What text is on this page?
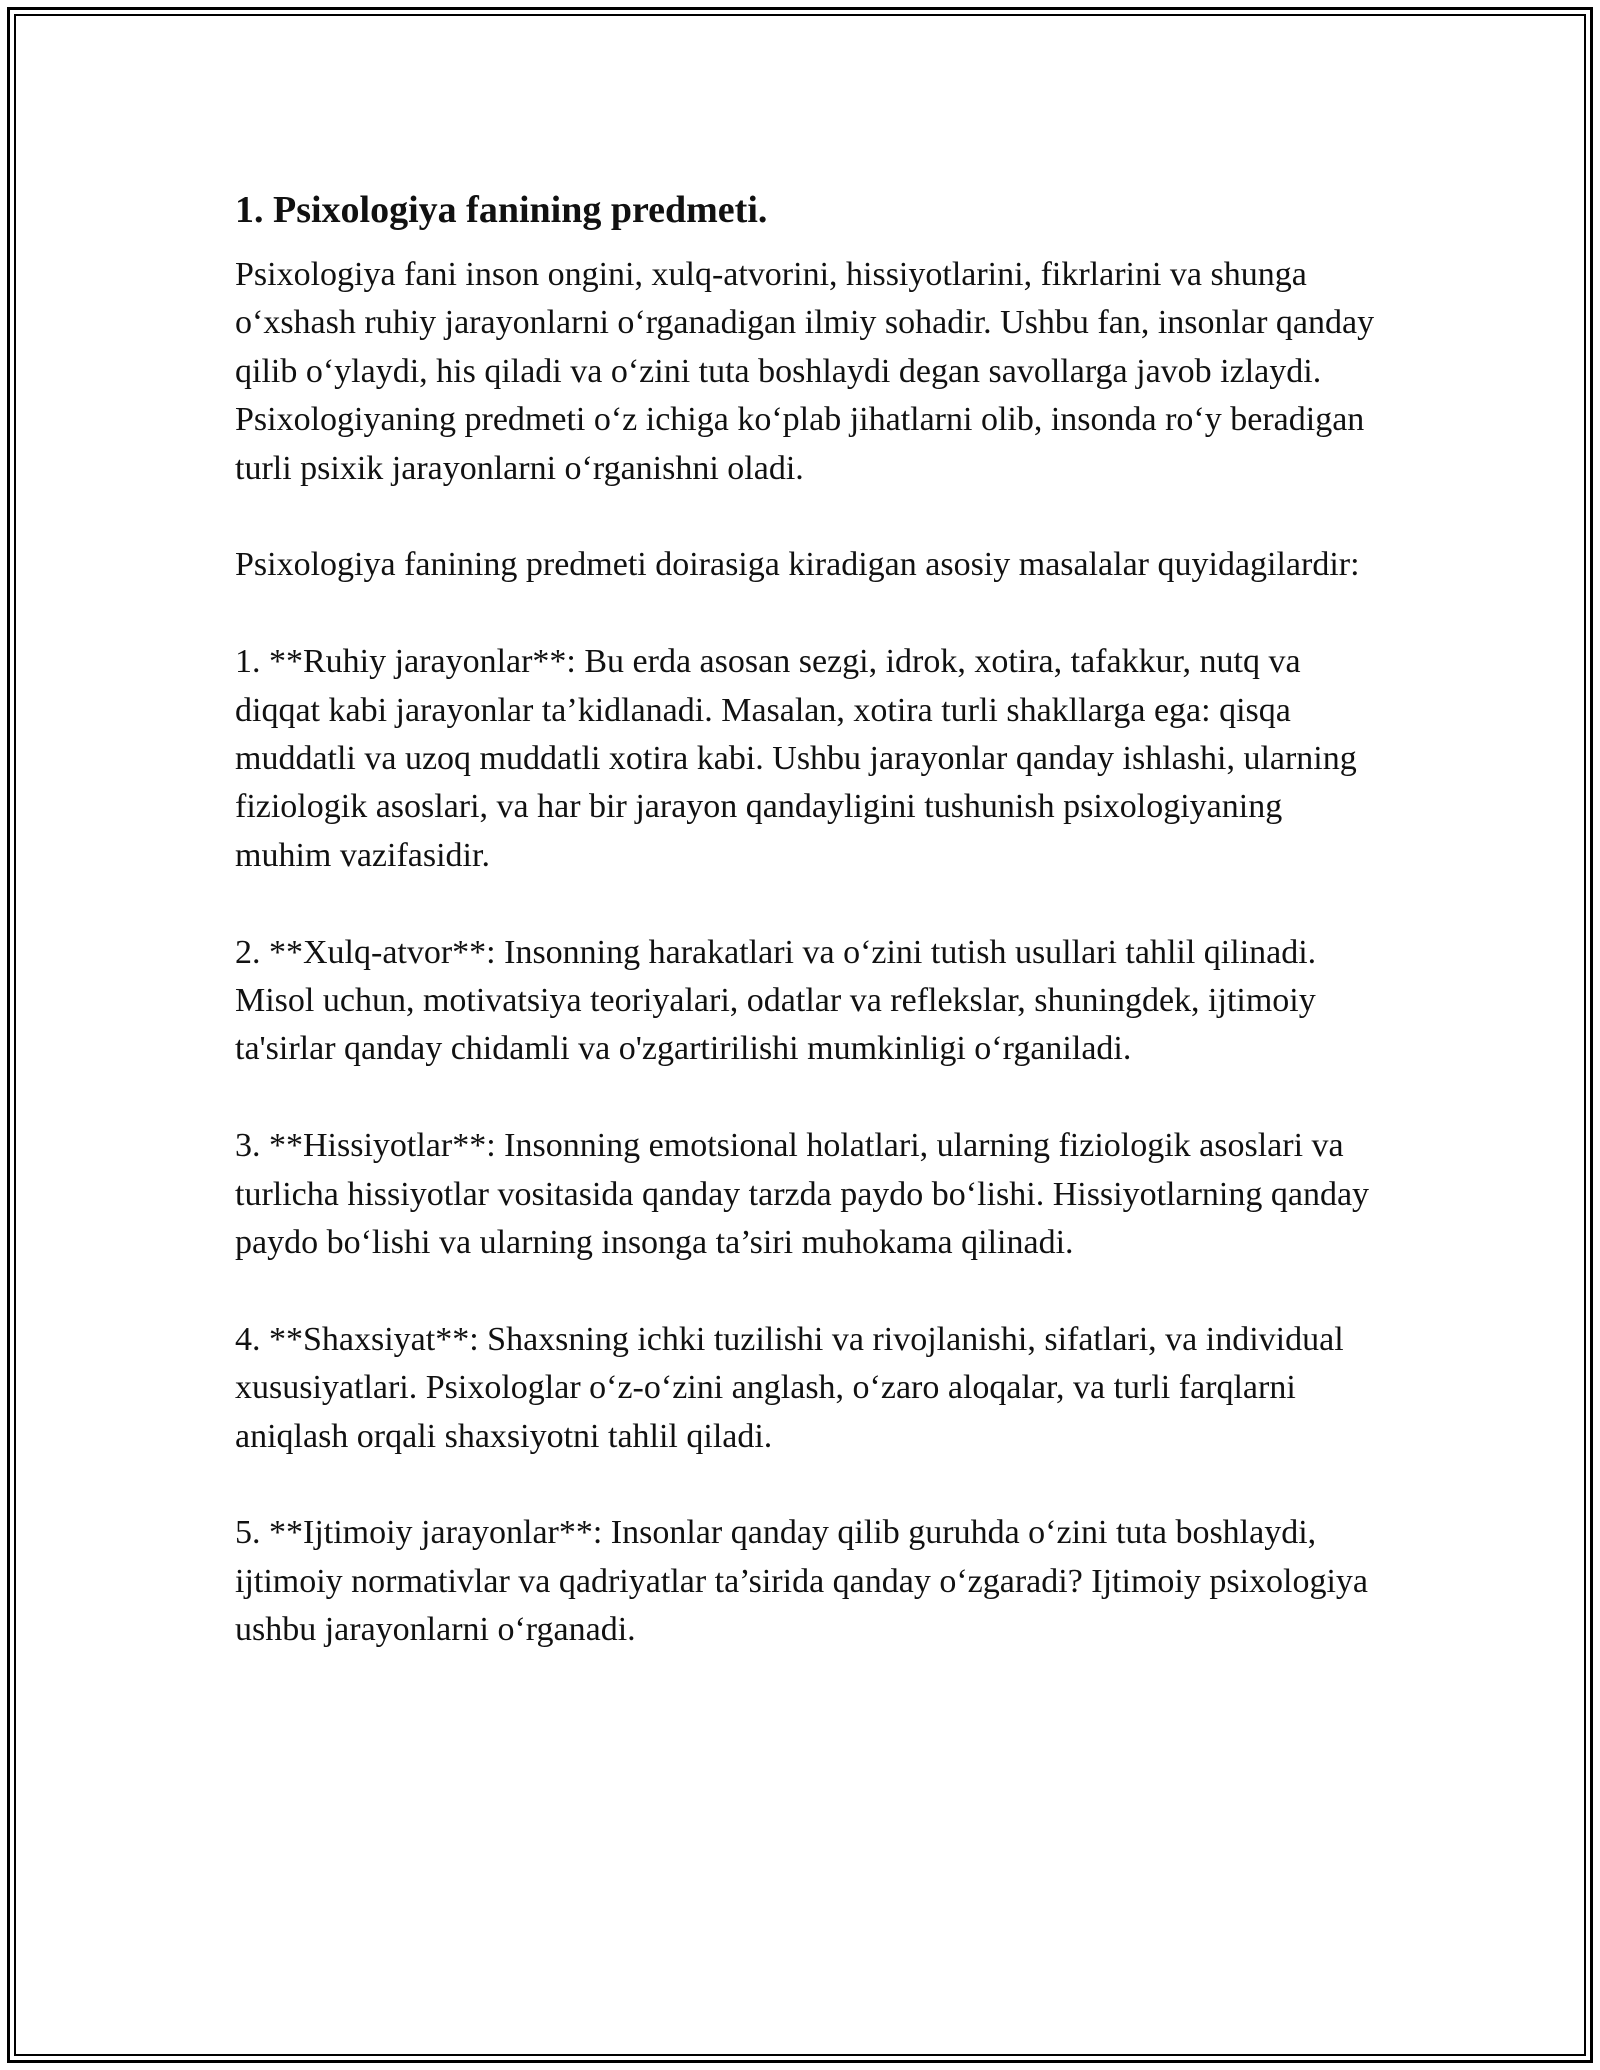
1. Psixologiya fanining predmeti.

Psixologiya fani inson ongini, xulq-atvorini, hissiyotlarini, fikrlarini va shunga o‘xshash ruhiy jarayonlarni o‘rganadigan ilmiy sohadir. Ushbu fan, insonlar qanday qilib o‘ylaydi, his qiladi va o‘zini tuta boshlaydi degan savollarga javob izlaydi. Psixologiyaning predmeti o‘z ichiga ko‘plab jihatlarni olib, insonda ro‘y beradigan turli psixik jarayonlarni o‘rganishni oladi.

Psixologiya fanining predmeti doirasiga kiradigan asosiy masalalar quyidagilardir:

1. **Ruhiy jarayonlar**: Bu erda asosan sezgi, idrok, xotira, tafakkur, nutq va diqqat kabi jarayonlar ta’kidlanadi. Masalan, xotira turli shakllarga ega: qisqa muddatli va uzoq muddatli xotira kabi. Ushbu jarayonlar qanday ishlashi, ularning fiziologik asoslari, va har bir jarayon qandayligini tushunish psixologiyaning muhim vazifasidir.

2. **Xulq-atvor**: Insonning harakatlari va o‘zini tutish usullari tahlil qilinadi. Misol uchun, motivatsiya teoriyalari, odatlar va reflekslar, shuningdek, ijtimoiy ta'sirlar qanday chidamli va o'zgartirilishi mumkinligi o‘rganiladi.

3. **Hissiyotlar**: Insonning emotsional holatlari, ularning fiziologik asoslari va turlicha hissiyotlar vositasida qanday tarzda paydo bo‘lishi. Hissiyotlarning qanday paydo bo‘lishi va ularning insonga ta’siri muhokama qilinadi.

4. **Shaxsiyat**: Shaxsning ichki tuzilishi va rivojlanishi, sifatlari, va individual xususiyatlari. Psixologlar o‘z-o‘zini anglash, o‘zaro aloqalar, va turli farqlarni aniqlash orqali shaxsiyotni tahlil qiladi.

5. **Ijtimoiy jarayonlar**: Insonlar qanday qilib guruhda o‘zini tuta boshlaydi, ijtimoiy normativlar va qadriyatlar ta’sirida qanday o‘zgaradi? Ijtimoiy psixologiya ushbu jarayonlarni o‘rganadi.
